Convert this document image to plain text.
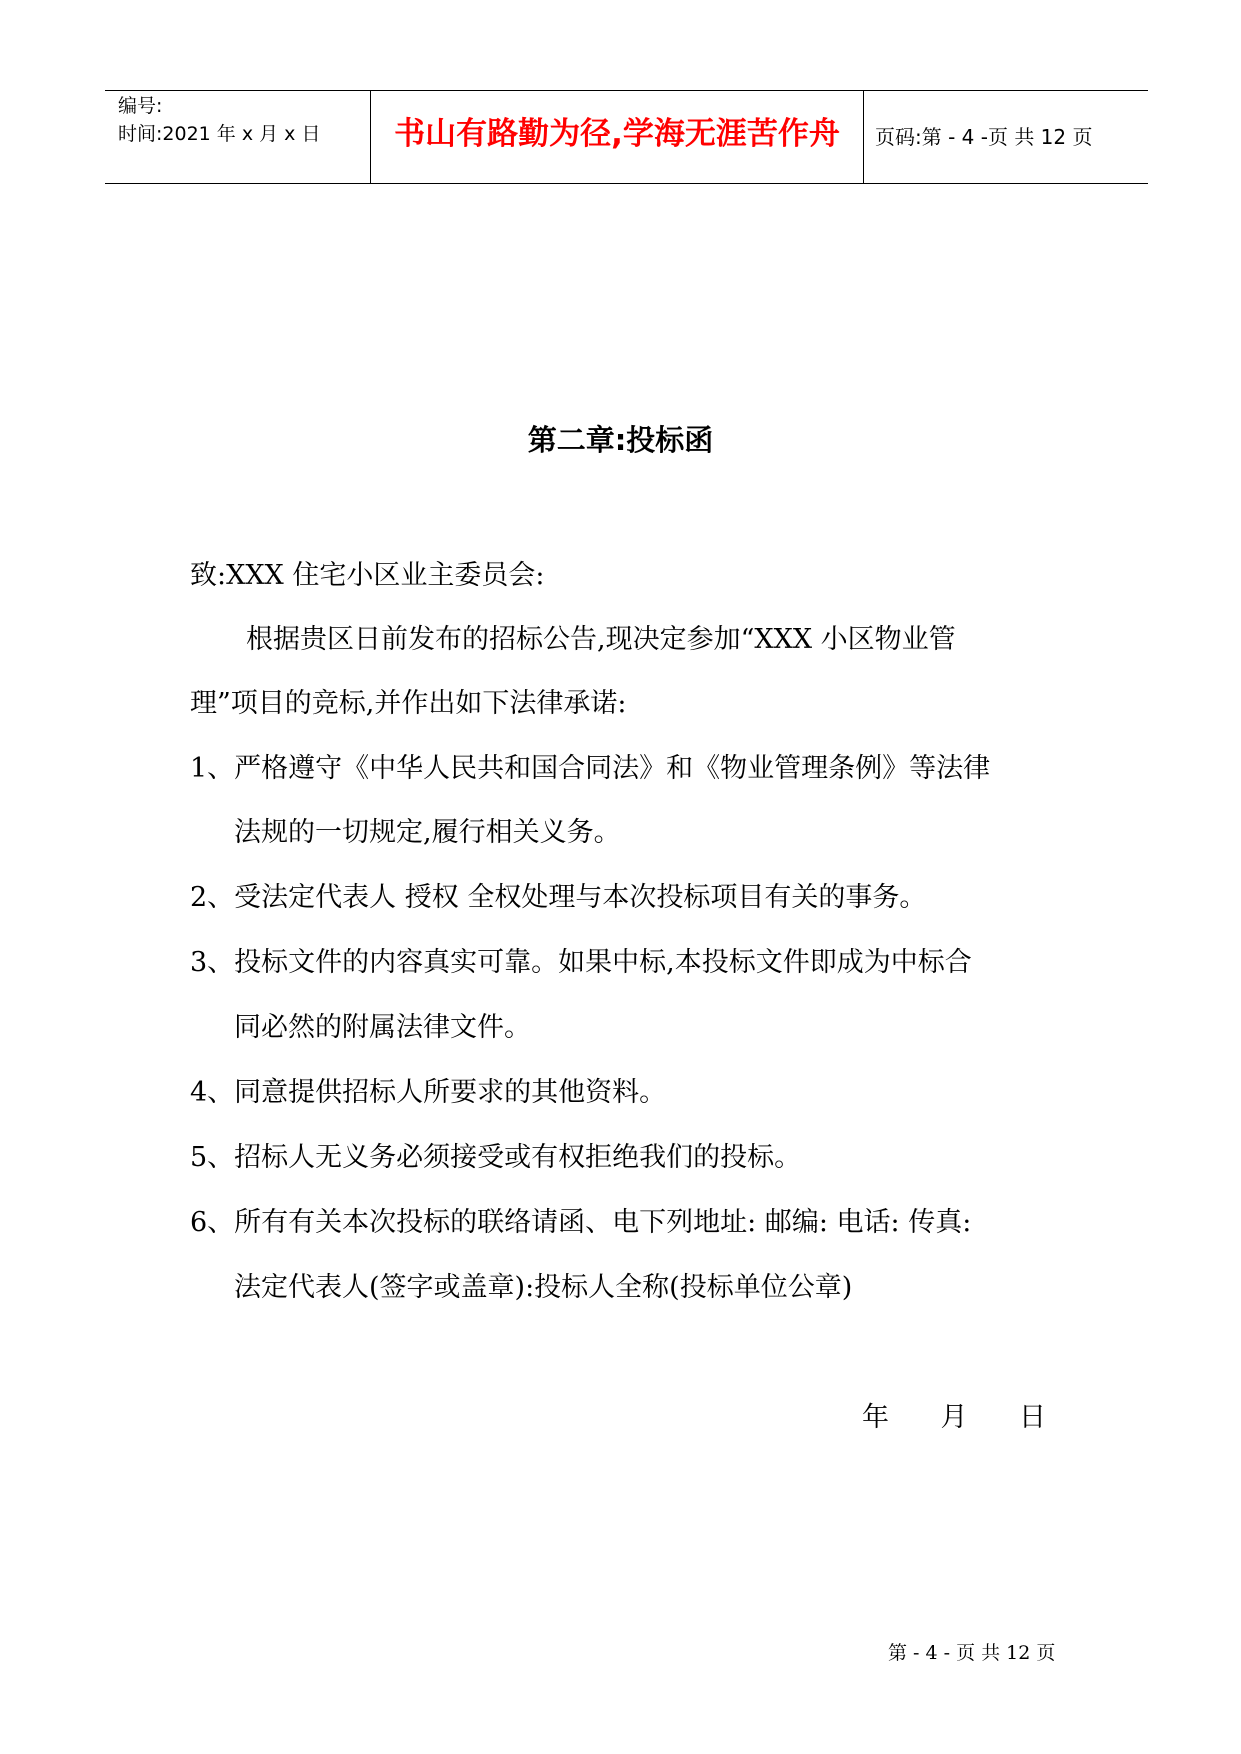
编号:
时间:2021 年 x 月 x 日	书山有路勤为径,学海无涯苦作舟	页码:第 - 4 -页 共 12 页
第二章:投标函
致:XXX 住宅小区业主委员会:
根据贵区日前发布的招标公告,现决定参加“XXX 小区物业管
理”项目的竞标,并作出如下法律承诺:
1、严格遵守《中华人民共和国合同法》和《物业管理条例》等法律
法规的一切规定,履行相关义务。
2、受法定代表人 授权 全权处理与本次投标项目有关的事务。
3、投标文件的内容真实可靠。如果中标,本投标文件即成为中标合
同必然的附属法律文件。
4、同意提供招标人所要求的其他资料。
5、招标人无义务必须接受或有权拒绝我们的投标。
6、所有有关本次投标的联络请函、电下列地址: 邮编: 电话: 传真:
法定代表人(签字或盖章):投标人全称(投标单位公章)
年      月      日
第 - 4 - 页 共 12 页
